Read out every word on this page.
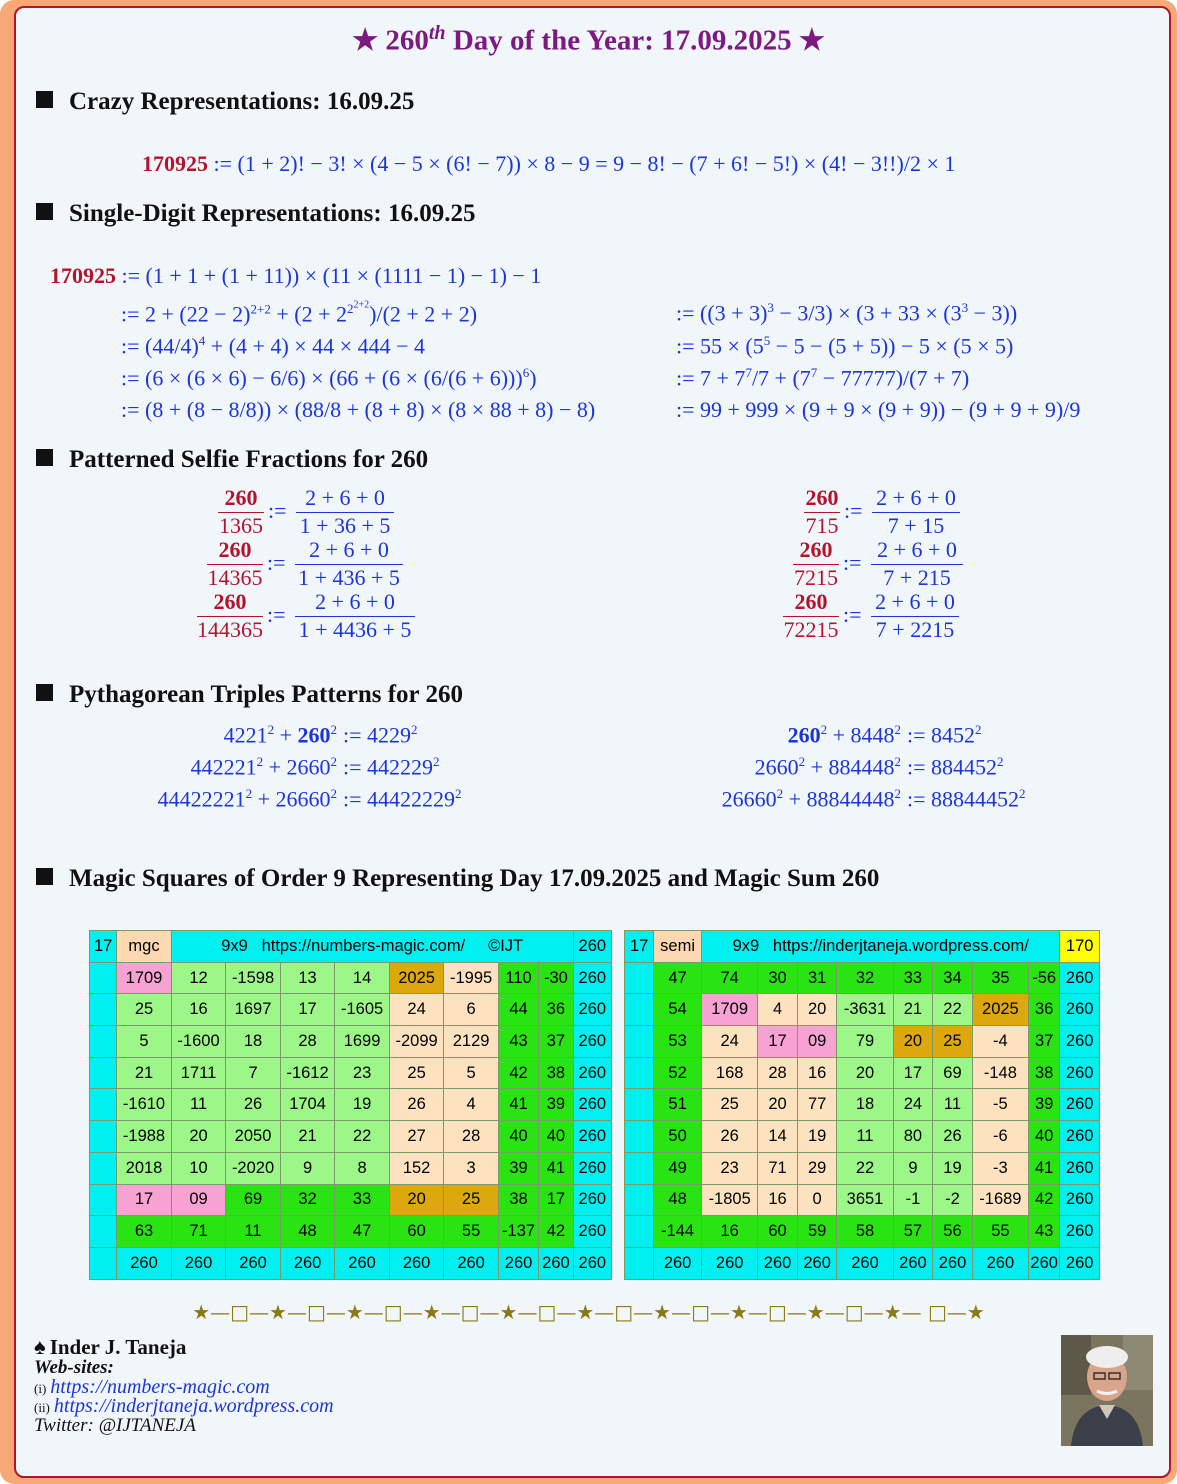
★ 260th Day of the Year: 17.09.2025 ★
Crazy Representations: 16.09.25
170925 := (1 + 2)! − 3! × (4 − 5 × (6! − 7)) × 8 − 9 = 9 − 8! − (7 + 6! − 5!) × (4! − 3!!)/2 × 1
Single-Digit Representations: 16.09.25
170925 := (1 + 1 + (1 + 11)) × (11 × (1111 − 1) − 1) − 1
:= $2 + (22 - 2)^{2+2} + (2 + 2^{2^{2+2}})/(2 + 2 + 2)$
:= $(44/4)^4 + (4 + 4) \times 44 \times 444 - 4$
:= $(6 \times (6 \times 6) - 6/6) \times (66 + (6 \times (6/(6 + 6)))^6)$
:= (8 + (8 − 8/8)) × (88/8 + (8 + 8) × (8 × 88 + 8) − 8)
:= $((3 + 3)^3 - 3/3) \times (3 + 33 \times (3^3 - 3))$
:= $55 \times (5^5 - 5 - (5 + 5)) - 5 \times (5 \times 5)$
:= $7 + 7^7/7 + (7^7 - 77777)/(7 + 7)$
:= 99 + 999 × (9 + 9 × (9 + 9)) − (9 + 9 + 9)/9
Patterned Selfie Fractions for 260
260
1365
:=
2 + 6 + 0
1 + 36 + 5
260
14365
:=
2 + 6 + 0
1 + 436 + 5
260
144365
:=
2 + 6 + 0
1 + 4436 + 5
260
715
:=
2 + 6 + 0
7 + 15
260
7215
:=
2 + 6 + 0
7 + 215
260
72215
:=
2 + 6 + 0
7 + 2215
Pythagorean Triples Patterns for 260
$4221^2 + 260^2$ := $4229^2$	$260^2 + 8448^2$ := $8452^2$
$442221^2 + 2660^2$ := $442229^2$	$2660^2 + 884448^2$ := $884452^2$
$44422221^2 + 26660^2$ := $44422229^2$	$26660^2 + 88844448^2$ := $88844452^2$
Magic Squares of Order 9 Representing Day 17.09.2025 and Magic Sum 260
17	mgc	9x9   https://numbers-magic.com/     ©IJT								260
	1709	12	-1598	13	14	2025	-1995	110	-30	260
	25	16	1697	17	-1605	24	6	44	36	260
	5	-1600	18	28	1699	-2099	2129	43	37	260
	21	1711	7	-1612	23	25	5	42	38	260
	-1610	11	26	1704	19	26	4	41	39	260
	-1988	20	2050	21	22	27	28	40	40	260
	2018	10	-2020	9	8	152	3	39	41	260
	17	09	69	32	33	20	25	38	17	260
	63	71	11	48	47	60	55	-137	42	260
	260	260	260	260	260	260	260	260	260	260
17	semi	9x9   https://inderjtaneja.wordpress.com/								170
	47	74	30	31	32	33	34	35	-56	260
	54	1709	4	20	-3631	21	22	2025	36	260
	53	24	17	09	79	20	25	-4	37	260
	52	168	28	16	20	17	69	-148	38	260
	51	25	20	77	18	24	11	-5	39	260
	50	26	14	19	11	80	26	-6	40	260
	49	23	71	29	22	9	19	-3	41	260
	48	-1805	16	0	3651	-1	-2	-1689	42	260
	-144	16	60	59	58	57	56	55	43	260
	260	260	260	260	260	260	260	260	260	260
★—□—★—□—★—□—★—□—★—□—★—□—★—□—★—□—★—□—★— □—★
♠ Inder J. Taneja
Web-sites:
(i) https://numbers-magic.com
(ii) https://inderjtaneja.wordpress.com
Twitter: @IJTANEJA
